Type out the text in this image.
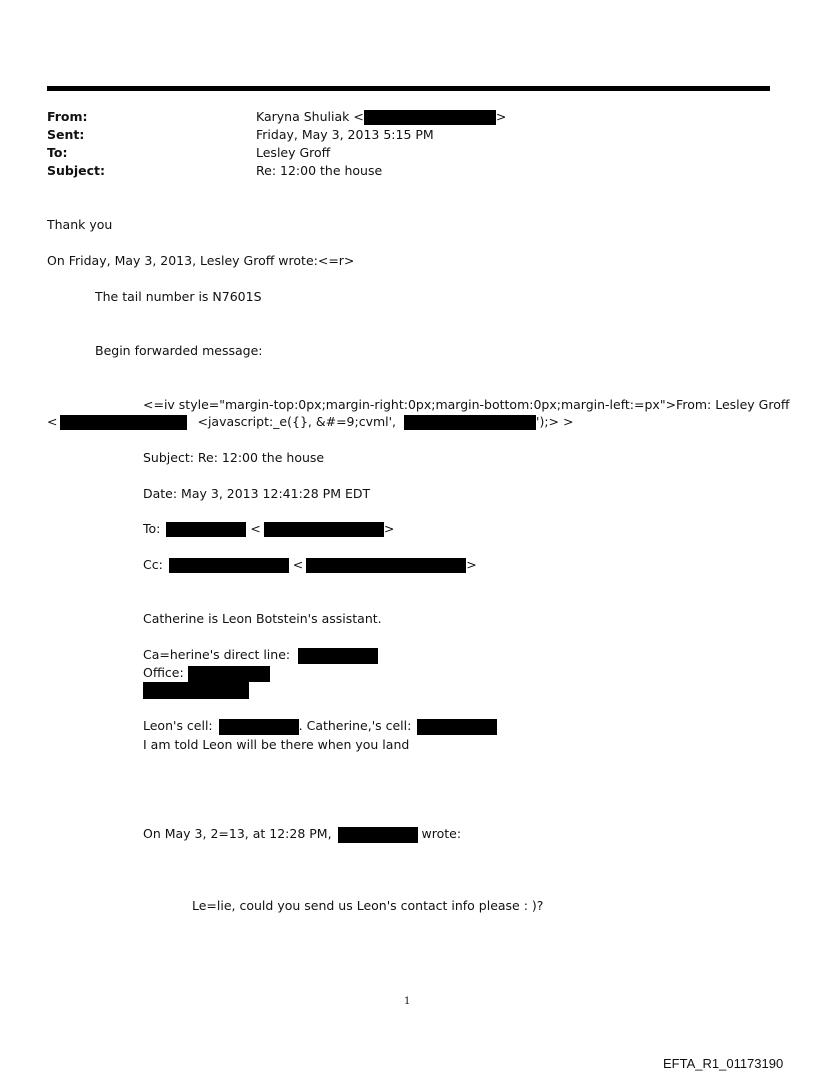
From:	Karyna Shuliak <	>
Sent:	Friday, May 3, 2013 5:15 PM
To:	Lesley Groff
Subject:	Re: 12:00 the house
Thank you
On Friday, May 3, 2013, Lesley Groff wrote:<=r>
The tail number is N7601S
Begin forwarded message:
<=iv style="margin-top:0px;margin-right:0px;margin-bottom:0px;margin-left:=px">From: Lesley Groff
<	<javascript:_e({}, &#=9;cvml',	');> >
Subject: Re: 12:00 the house
Date: May 3, 2013 12:41:28 PM EDT
To:	<	>
Cc:	<	>
Catherine is Leon Botstein's assistant.
Ca=herine's direct line:
Office:
Leon's cell:	. Catherine,'s cell:
I am told Leon will be there when you land
On May 3, 2=13, at 12:28 PM,	wrote:
Le=lie, could you send us Leon's contact info please : )?
1
EFTA_R1_01173190
